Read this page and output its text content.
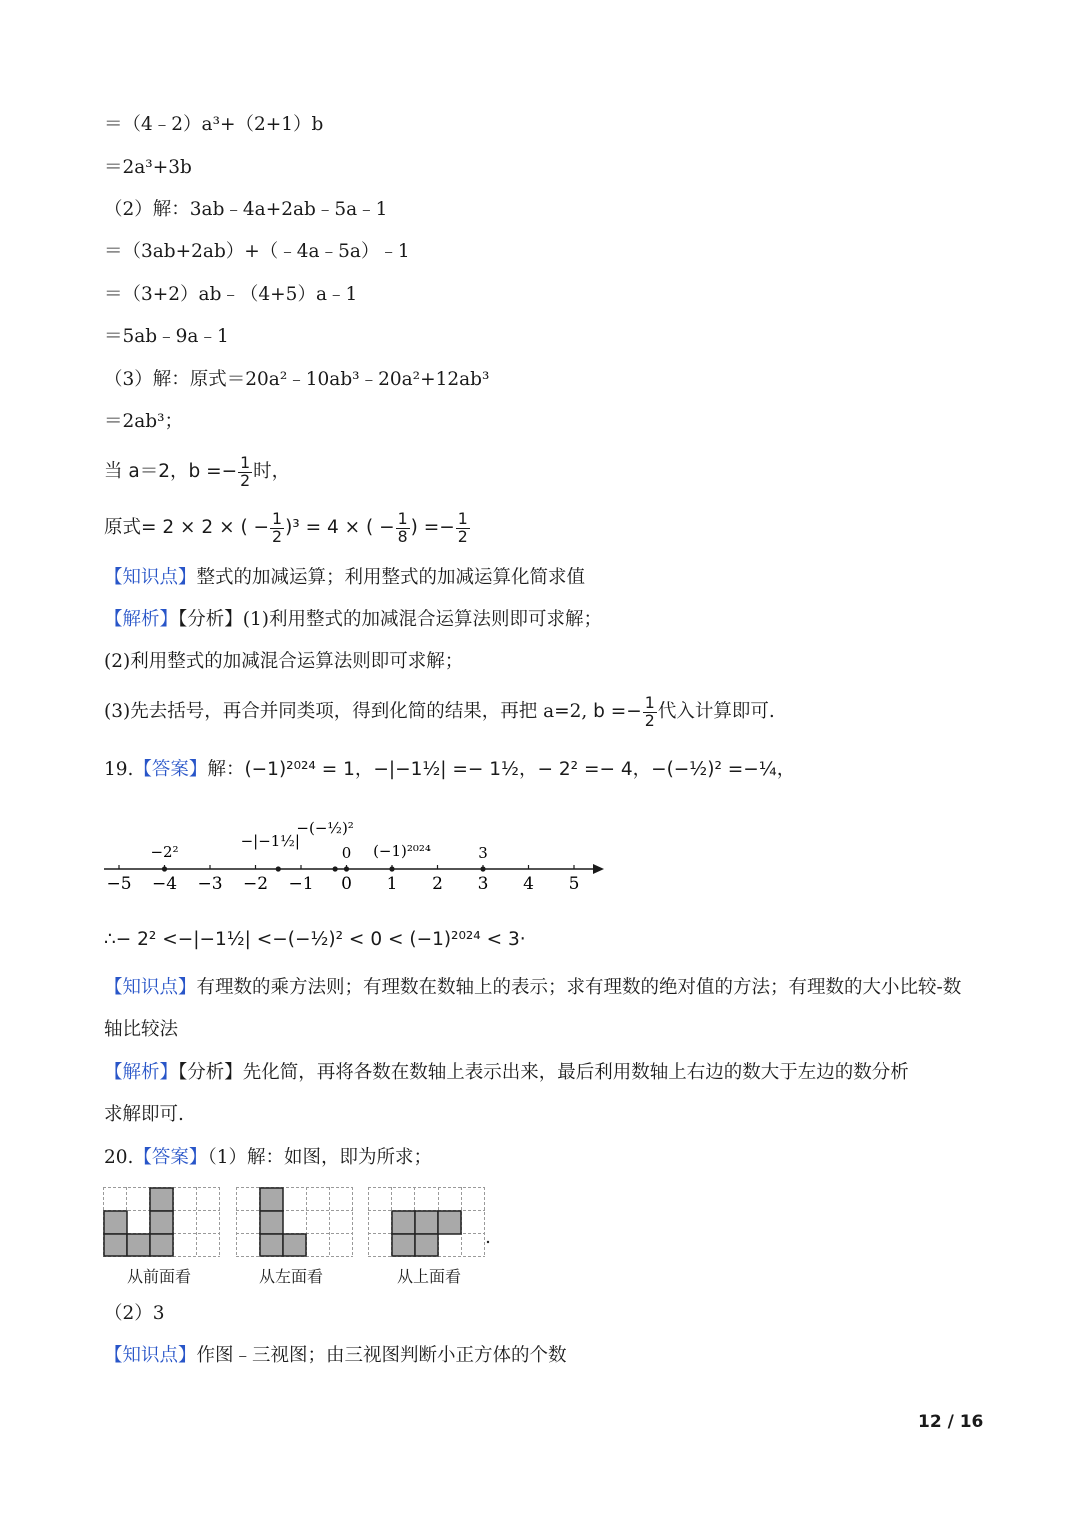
＝（4﹣2）a³+（2+1）b
＝2a³+3b
（2）解：3ab﹣4a+2ab﹣5a﹣1
＝（3ab+2ab）+（﹣4a﹣5a）﹣1
＝（3+2）ab﹣（4+5）a﹣1
＝5ab﹣9a﹣1
（3）解：原式＝20a²﹣10ab³﹣20a²+12ab³
＝2ab³；
当 a＝2，$b =- \frac{1}{2}$ 时，
原式= 2 × 2 × ( − $\frac{1}{2} )^3 = 4$ × ( − $\frac{1}{8}$ ) =− $\frac{1}{2}$
【知识点】整式的加减运算；利用整式的加减运算化简求值
【解析】【分析】(1)利用整式的加减混合运算法则即可求解；
(2)利用整式的加减混合运算法则即可求解；
(3)先去括号，再合并同类项，得到化简的结果，再把 a=2, $b =- \frac{1}{2}$ 代入计算即可.
19.【答案】解：(−1)²⁰²⁴ = 1，−|−1½| =− 1½，− 2² =− 4，−(−½)² =−¼，
−5 −4 −3 −2 −1 0 1 2 3 4 5
−2²
−|−1½|
−(−½)²
0 (−1)²⁰²⁴	3
∴− 2² <−|−1½| <−(−½)² < 0 < (−1)²⁰²⁴ < 3·
【知识点】有理数的乘方法则；有理数在数轴上的表示；求有理数的绝对值的方法；有理数的大小比较-数
轴比较法
【解析】【分析】先化简，再将各数在数轴上表示出来，最后利用数轴上右边的数大于左边的数分析
求解即可.
20.【答案】（1）解：如图，即为所求；
从前面看	从左面看	从上面看
（2）3
【知识点】作图﹣三视图；由三视图判断小正方体的个数
12 / 16
